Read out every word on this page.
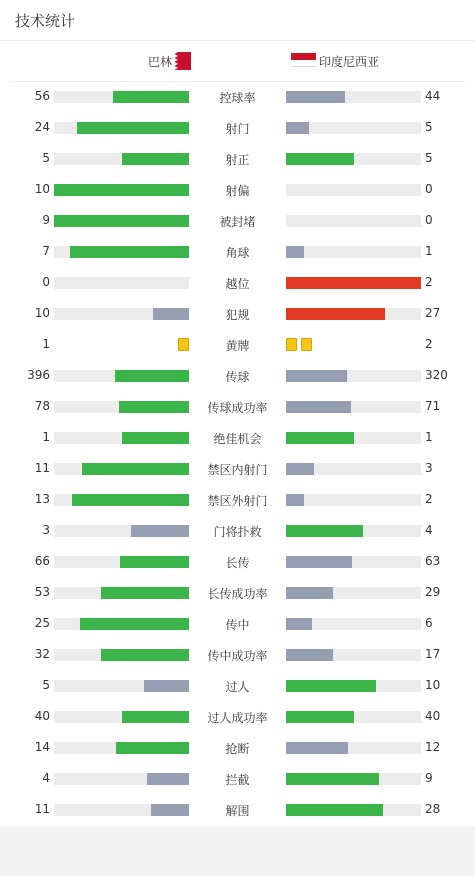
技术统计
巴林	印度尼西亚
56	控球率	44
24	射门	5
5	射正	5
10	射偏	0
9	被封堵	0
7	角球	1
0	越位	2
10	犯规	27
1	黄牌	2
396	传球	320
78	传球成功率	71
1	绝佳机会	1
11	禁区内射门	3
13	禁区外射门	2
3	门将扑救	4
66	长传	63
53	长传成功率	29
25	传中	6
32	传中成功率	17
5	过人	10
40	过人成功率	40
14	抢断	12
4	拦截	9
11	解围	28
